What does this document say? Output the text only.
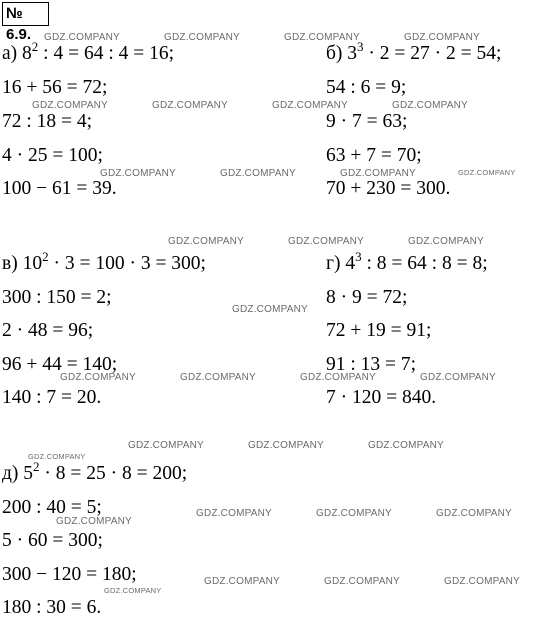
№ 6.9.
а) $8^2$ : 4 = 64 : 4 = 16;
16 + 56 = 72;
72 : 18 = 4;
4 · 25 = 100;
100 − 61 = 39.
б) $3^3 \cdot 2 = 27 \cdot 2 = 54$;
54 : 6 = 9;
9 · 7 = 63;
63 + 7 = 70;
70 + 230 = 300.
в) $10^2 \cdot 3 = 100 \cdot 3 = 300$;
300 : 150 = 2;
2 · 48 = 96;
96 + 44 = 140;
140 : 7 = 20.
г) $4^3$ : 8 = 64 : 8 = 8;
8 · 9 = 72;
72 + 19 = 91;
91 : 13 = 7;
7 · 120 = 840.
д) $5^2 \cdot 8 = 25 \cdot 8 = 200$;
200 : 40 = 5;
5 · 60 = 300;
300 − 120 = 180;
180 : 30 = 6.
GDZ.COMPANY	GDZ.COMPANY	GDZ.COMPANY	GDZ.COMPANY
GDZ.COMPANY	GDZ.COMPANY	GDZ.COMPANY	GDZ.COMPANY
GDZ.COMPANY	GDZ.COMPANY	GDZ.COMPANY	GDZ.COMPANY
GDZ.COMPANY	GDZ.COMPANY	GDZ.COMPANY
GDZ.COMPANY
GDZ.COMPANY	GDZ.COMPANY	GDZ.COMPANY	GDZ.COMPANY
GDZ.COMPANY	GDZ.COMPANY	GDZ.COMPANY
GDZ.COMPANY
GDZ.COMPANY	GDZ.COMPANY	GDZ.COMPANY
GDZ.COMPANY
GDZ.COMPANY	GDZ.COMPANY	GDZ.COMPANY
GDZ.COMPANY
